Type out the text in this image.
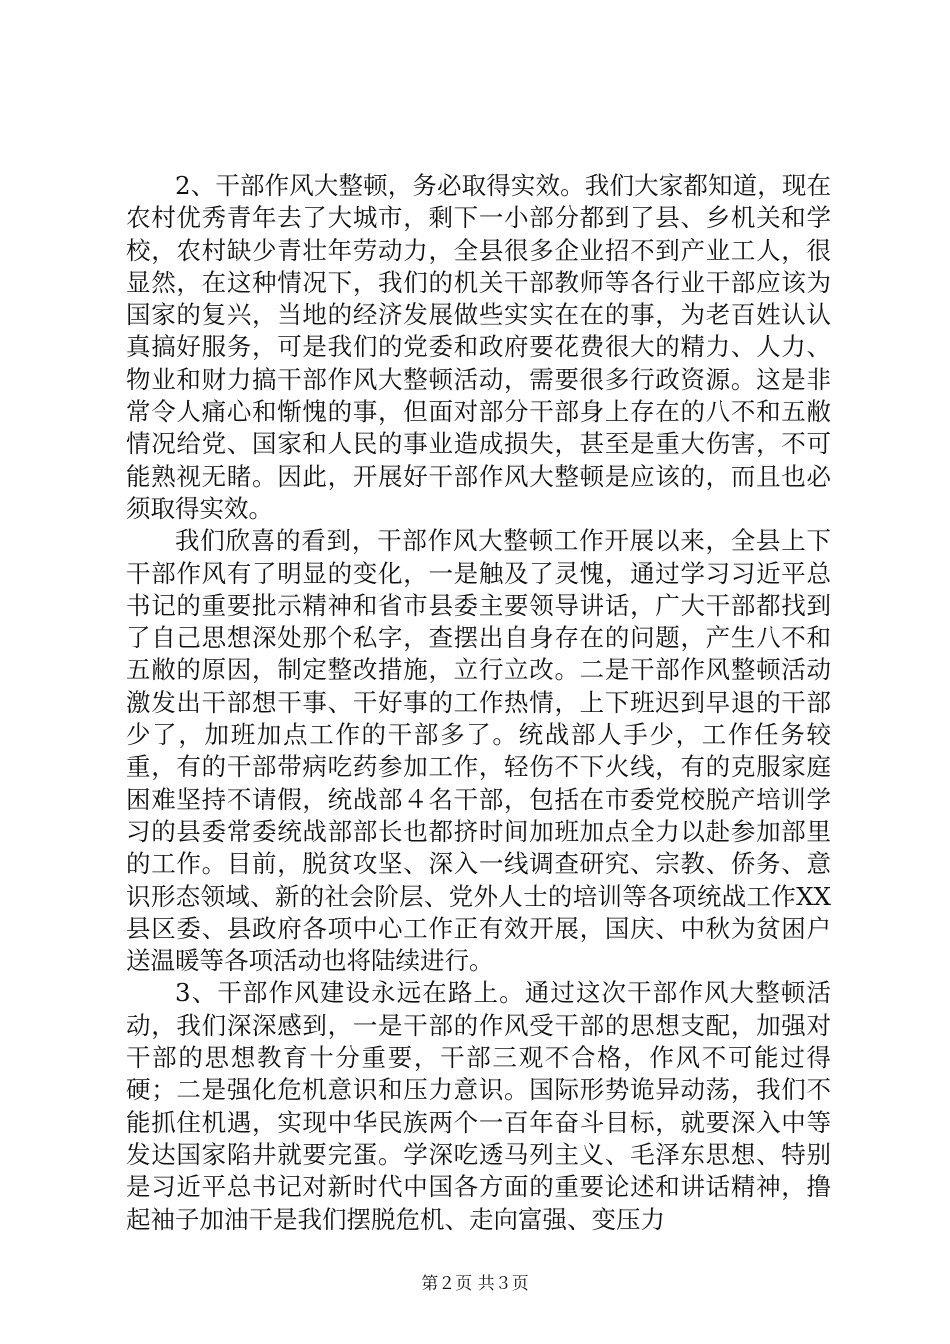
2、干部作风大整顿，务必取得实效。我们大家都知道，现在农村优秀青年去了大城市，剩下一小部分都到了县、乡机关和学校，农村缺少青壮年劳动力，全县很多企业招不到产业工人，很显然，在这种情况下，我们的机关干部教师等各行业干部应该为国家的复兴，当地的经济发展做些实实在在的事，为老百姓认认真搞好服务，可是我们的党委和政府要花费很大的精力、人力、物业和财力搞干部作风大整顿活动，需要很多行政资源。这是非常令人痛心和惭愧的事，但面对部分干部身上存在的八不和五敝情况给党、国家和人民的事业造成损失，甚至是重大伤害，不可能熟视无睹。因此，开展好干部作风大整顿是应该的，而且也必须取得实效。

我们欣喜的看到，干部作风大整顿工作开展以来，全县上下干部作风有了明显的变化，一是触及了灵愧，通过学习习近平总书记的重要批示精神和省市县委主要领导讲话，广大干部都找到了自己思想深处那个私字，查摆出自身存在的问题，产生八不和五敝的原因，制定整改措施，立行立改。二是干部作风整顿活动激发出干部想干事、干好事的工作热情，上下班迟到早退的干部少了，加班加点工作的干部多了。统战部人手少，工作任务较重，有的干部带病吃药参加工作，轻伤不下火线，有的克服家庭困难坚持不请假，统战部４名干部，包括在市委党校脱产培训学习的县委常委统战部部长也都挤时间加班加点全力以赴参加部里的工作。目前，脱贫攻坚、深入一线调查研究、宗教、侨务、意识形态领域、新的社会阶层、党外人士的培训等各项统战工作XX县区委、县政府各项中心工作正有效开展，国庆、中秋为贫困户送温暖等各项活动也将陆续进行。

3、干部作风建设永远在路上。通过这次干部作风大整顿活动，我们深深感到，一是干部的作风受干部的思想支配，加强对干部的思想教育十分重要，干部三观不合格，作风不可能过得硬；二是强化危机意识和压力意识。国际形势诡异动荡，我们不能抓住机遇，实现中华民族两个一百年奋斗目标，就要深入中等发达国家陷井就要完蛋。学深吃透马列主义、毛泽东思想、特别是习近平总书记对新时代中国各方面的重要论述和讲话精神，撸起袖子加油干是我们摆脱危机、走向富强、变压力

第２页 共３页
